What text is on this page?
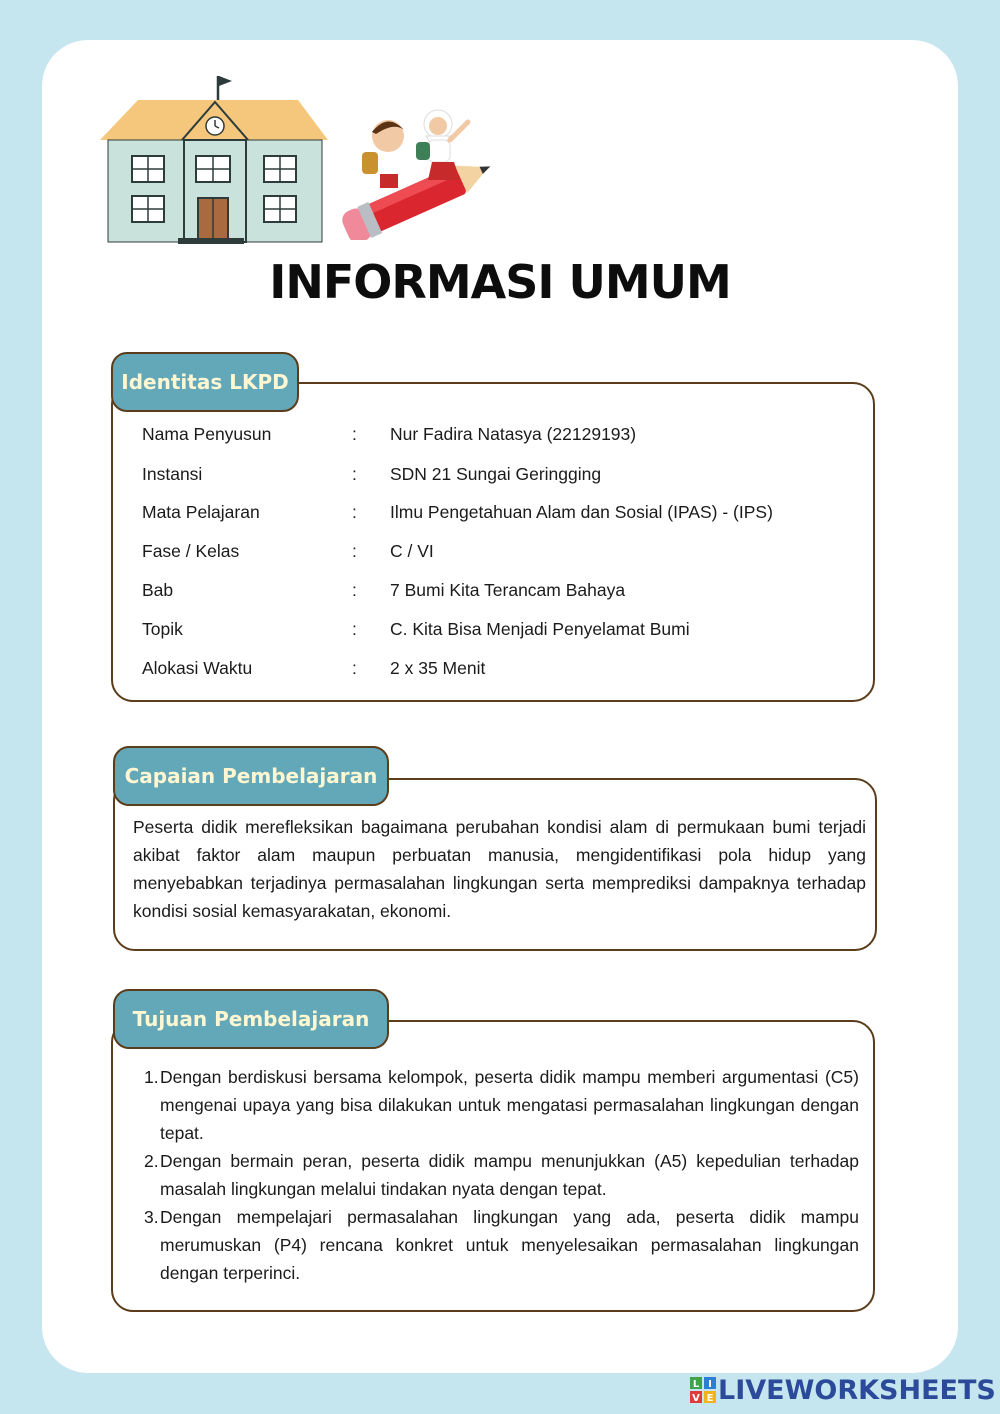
INFORMASI UMUM
Identitas LKPD
Nama Penyusun	:	Nur Fadira Natasya (22129193)
Instansi	:	SDN 21 Sungai Geringging
Mata Pelajaran	:	Ilmu Pengetahuan Alam dan Sosial (IPAS) - (IPS)
Fase / Kelas	:	C / VI
Bab	:	7 Bumi Kita Terancam Bahaya
Topik	:	C. Kita Bisa Menjadi Penyelamat Bumi
Alokasi Waktu	:	2 x 35 Menit
Capaian Pembelajaran

Peserta didik merefleksikan bagaimana perubahan kondisi alam di permukaan bumi terjadi akibat faktor alam maupun perbuatan manusia, mengidentifikasi pola hidup yang menyebabkan terjadinya permasalahan lingkungan serta memprediksi dampaknya terhadap kondisi sosial kemasyarakatan, ekonomi.

Tujuan Pembelajaran
1. Dengan berdiskusi bersama kelompok, peserta didik mampu memberi argumentasi (C5) mengenai upaya yang bisa dilakukan untuk mengatasi permasalahan lingkungan dengan tepat.
2. Dengan bermain peran, peserta didik mampu menunjukkan (A5) kepedulian terhadap masalah lingkungan melalui tindakan nyata dengan tepat.
3. Dengan mempelajari permasalahan lingkungan yang ada, peserta didik mampu merumuskan (P4) rencana konkret untuk menyelesaikan permasalahan lingkungan dengan terperinci.
L I
V E LIVEWORKSHEETS
